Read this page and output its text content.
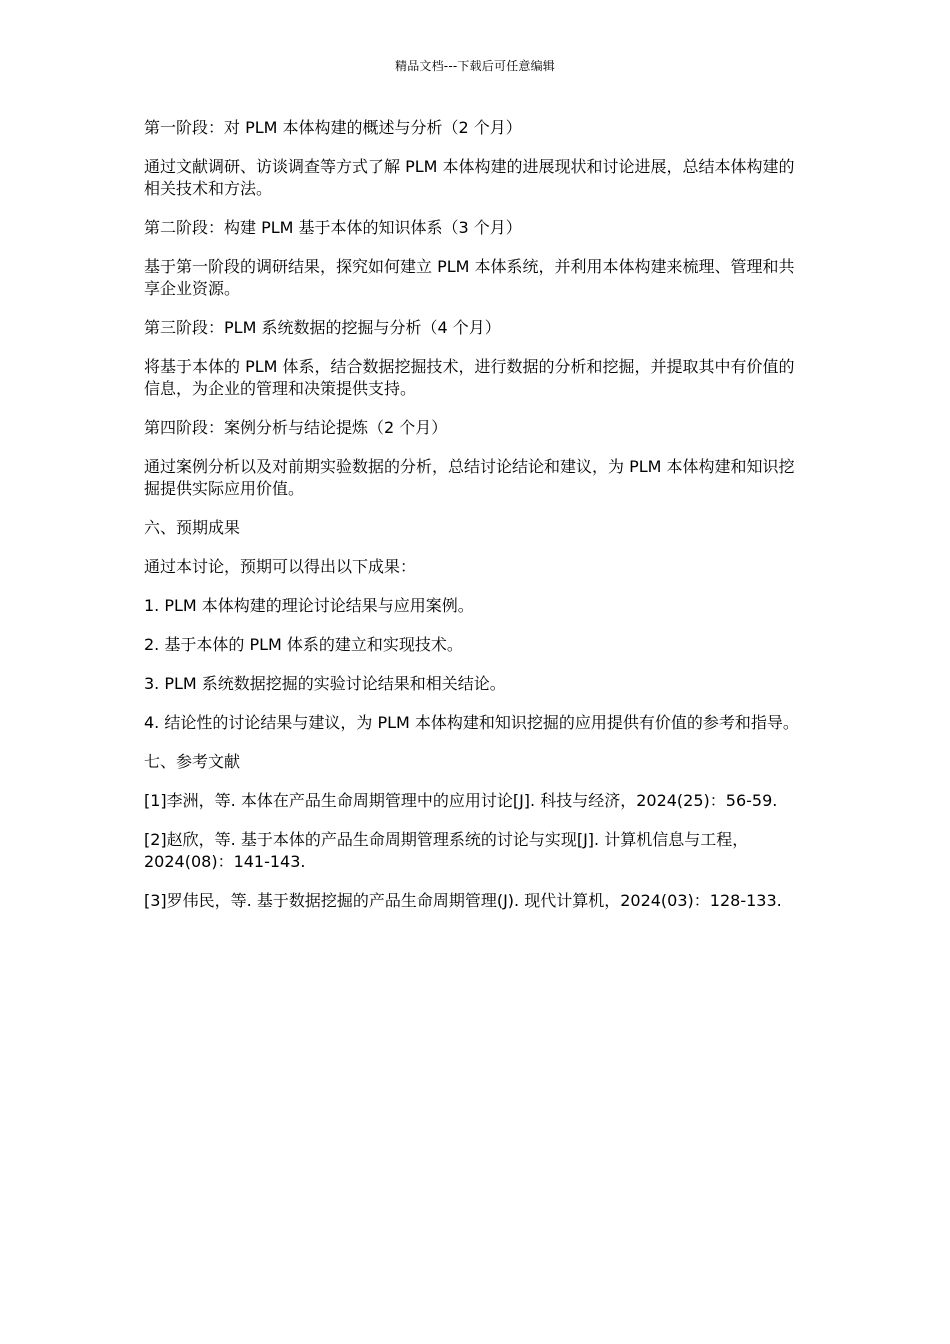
精品文档---下载后可任意编辑

第一阶段：对 PLM 本体构建的概述与分析（2 个月）

通过文献调研、访谈调查等方式了解 PLM 本体构建的进展现状和讨论进展，总结本体构建的相关技术和方法。

第二阶段：构建 PLM 基于本体的知识体系（3 个月）

基于第一阶段的调研结果，探究如何建立 PLM 本体系统，并利用本体构建来梳理、管理和共享企业资源。

第三阶段：PLM 系统数据的挖掘与分析（4 个月）

将基于本体的 PLM 体系，结合数据挖掘技术，进行数据的分析和挖掘，并提取其中有价值的信息，为企业的管理和决策提供支持。

第四阶段：案例分析与结论提炼（2 个月）

通过案例分析以及对前期实验数据的分析，总结讨论结论和建议，为 PLM 本体构建和知识挖掘提供实际应用价值。

六、预期成果

通过本讨论，预期可以得出以下成果：

1. PLM 本体构建的理论讨论结果与应用案例。

2. 基于本体的 PLM 体系的建立和实现技术。

3. PLM 系统数据挖掘的实验讨论结果和相关结论。

4. 结论性的讨论结果与建议，为 PLM 本体构建和知识挖掘的应用提供有价值的参考和指导。

七、参考文献

[1]李洲，等. 本体在产品生命周期管理中的应用讨论[J]. 科技与经济，2024(25)：56-59.

[2]赵欣，等. 基于本体的产品生命周期管理系统的讨论与实现[J]. 计算机信息与工程，2024(08)：141-143.

[3]罗伟民，等. 基于数据挖掘的产品生命周期管理(J). 现代计算机，2024(03)：128-133.
